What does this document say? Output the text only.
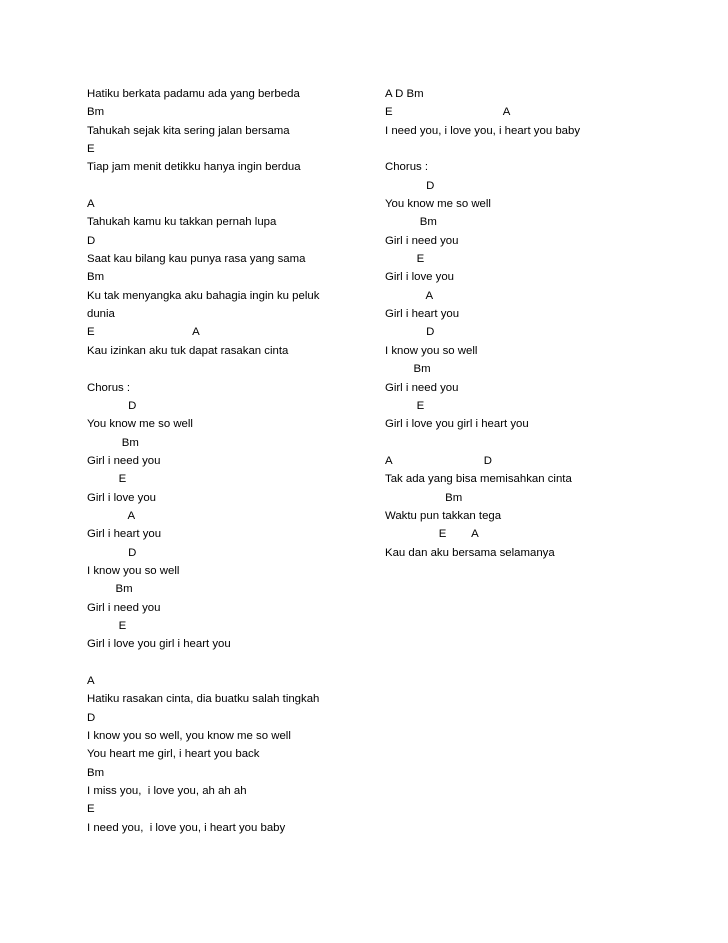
Hatiku berkata padamu ada yang berbeda
Bm
Tahukah sejak kita sering jalan bersama
E
Tiap jam menit detikku hanya ingin berdua
A
Tahukah kamu ku takkan pernah lupa
D
Saat kau bilang kau punya rasa yang sama
Bm
Ku tak menyangka aku bahagia ingin ku peluk
dunia
E                               A
Kau izinkan aku tuk dapat rasakan cinta
Chorus :
D
You know me so well
Bm
Girl i need you
E
Girl i love you
A
Girl i heart you
D
I know you so well
Bm
Girl i need you
E
Girl i love you girl i heart you
A
Hatiku rasakan cinta, dia buatku salah tingkah
D
I know you so well, you know me so well
You heart me girl, i heart you back
Bm
I miss you,  i love you, ah ah ah
E
I need you,  i love you, i heart you baby
A D Bm
E                                   A
I need you, i love you, i heart you baby
Chorus :
D
You know me so well
Bm
Girl i need you
E
Girl i love you
A
Girl i heart you
D
I know you so well
Bm
Girl i need you
E
Girl i love you girl i heart you
A                             D
Tak ada yang bisa memisahkan cinta
Bm
Waktu pun takkan tega
E        A
Kau dan aku bersama selamanya
